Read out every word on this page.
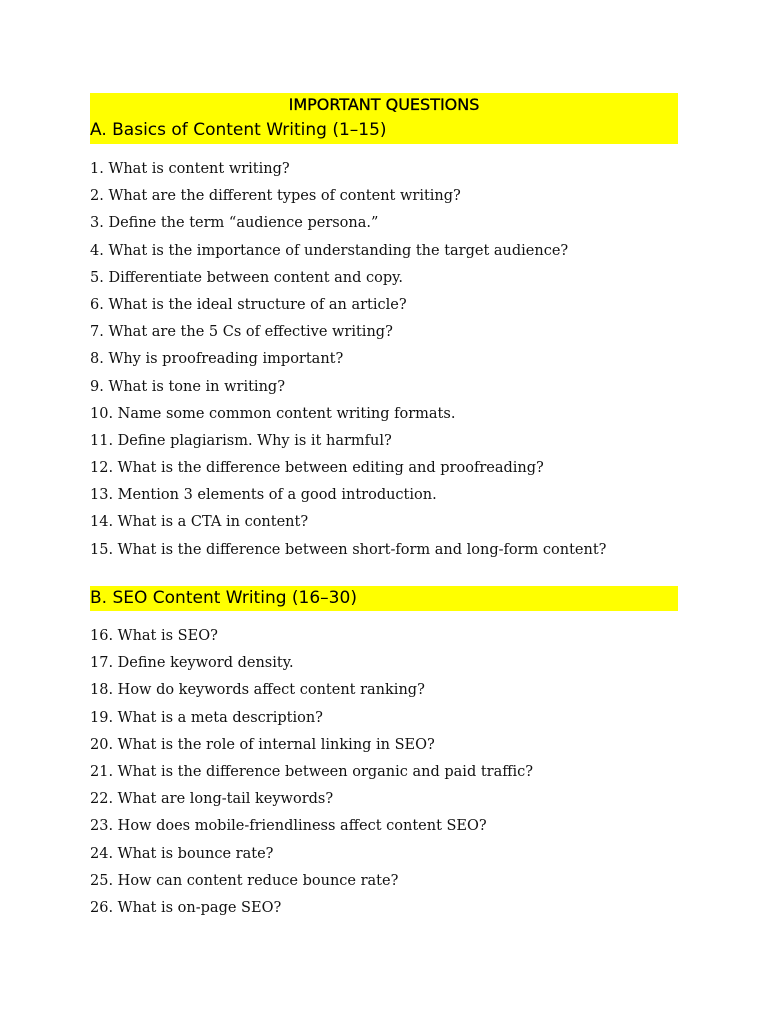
IMPORTANT QUESTIONS
A. Basics of Content Writing (1–15)
1. What is content writing?
2. What are the different types of content writing?
3. Define the term “audience persona.”
4. What is the importance of understanding the target audience?
5. Differentiate between content and copy.
6. What is the ideal structure of an article?
7. What are the 5 Cs of effective writing?
8. Why is proofreading important?
9. What is tone in writing?
10. Name some common content writing formats.
11. Define plagiarism. Why is it harmful?
12. What is the difference between editing and proofreading?
13. Mention 3 elements of a good introduction.
14. What is a CTA in content?
15. What is the difference between short-form and long-form content?
B. SEO Content Writing (16–30)
16. What is SEO?
17. Define keyword density.
18. How do keywords affect content ranking?
19. What is a meta description?
20. What is the role of internal linking in SEO?
21. What is the difference between organic and paid traffic?
22. What are long-tail keywords?
23. How does mobile-friendliness affect content SEO?
24. What is bounce rate?
25. How can content reduce bounce rate?
26. What is on-page SEO?
